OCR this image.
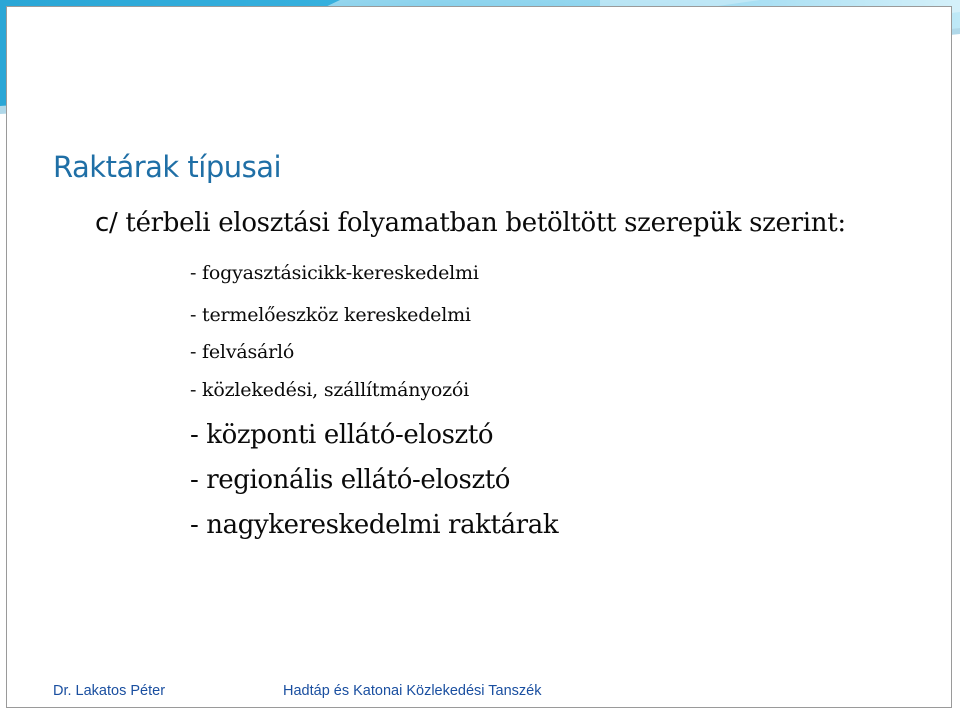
Raktárak típusai

c/ térbeli elosztási folyamatban betöltött szerepük szerint:

- fogyasztásicikk-kereskedelmi
- termelőeszköz kereskedelmi
- felvásárló
- közlekedési, szállítmányozói
- központi ellátó-elosztó
- regionális ellátó-elosztó
- nagykereskedelmi raktárak
Dr. Lakatos Péter	Hadtáp és Katonai Közlekedési Tanszék
